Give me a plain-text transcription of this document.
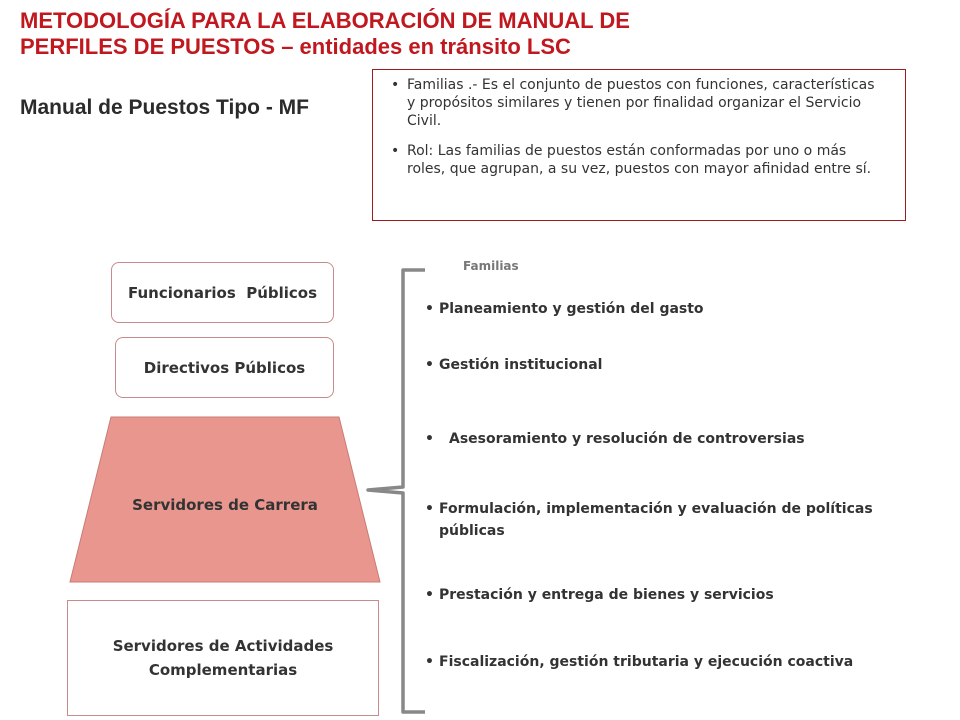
METODOLOGÍA PARA LA ELABORACIÓN DE MANUAL DE
PERFILES DE PUESTOS – entidades en tránsito LSC
Manual de Puestos Tipo - MF
• Familias .- Es el conjunto de puestos con funciones, características y propósitos similares y tienen por finalidad organizar el Servicio Civil.
• Rol: Las familias de puestos están conformadas por uno o más roles, que agrupan, a su vez, puestos con mayor afinidad entre sí.
Funcionarios  Públicos
Directivos Públicos
Servidores de Carrera
Servidores de Actividades
Complementarias
Familias
• Planeamiento y gestión del gasto
• Gestión institucional
• Asesoramiento y resolución de controversias
• Formulación, implementación y evaluación de políticas
públicas
• Prestación y entrega de bienes y servicios
• Fiscalización, gestión tributaria y ejecución coactiva
